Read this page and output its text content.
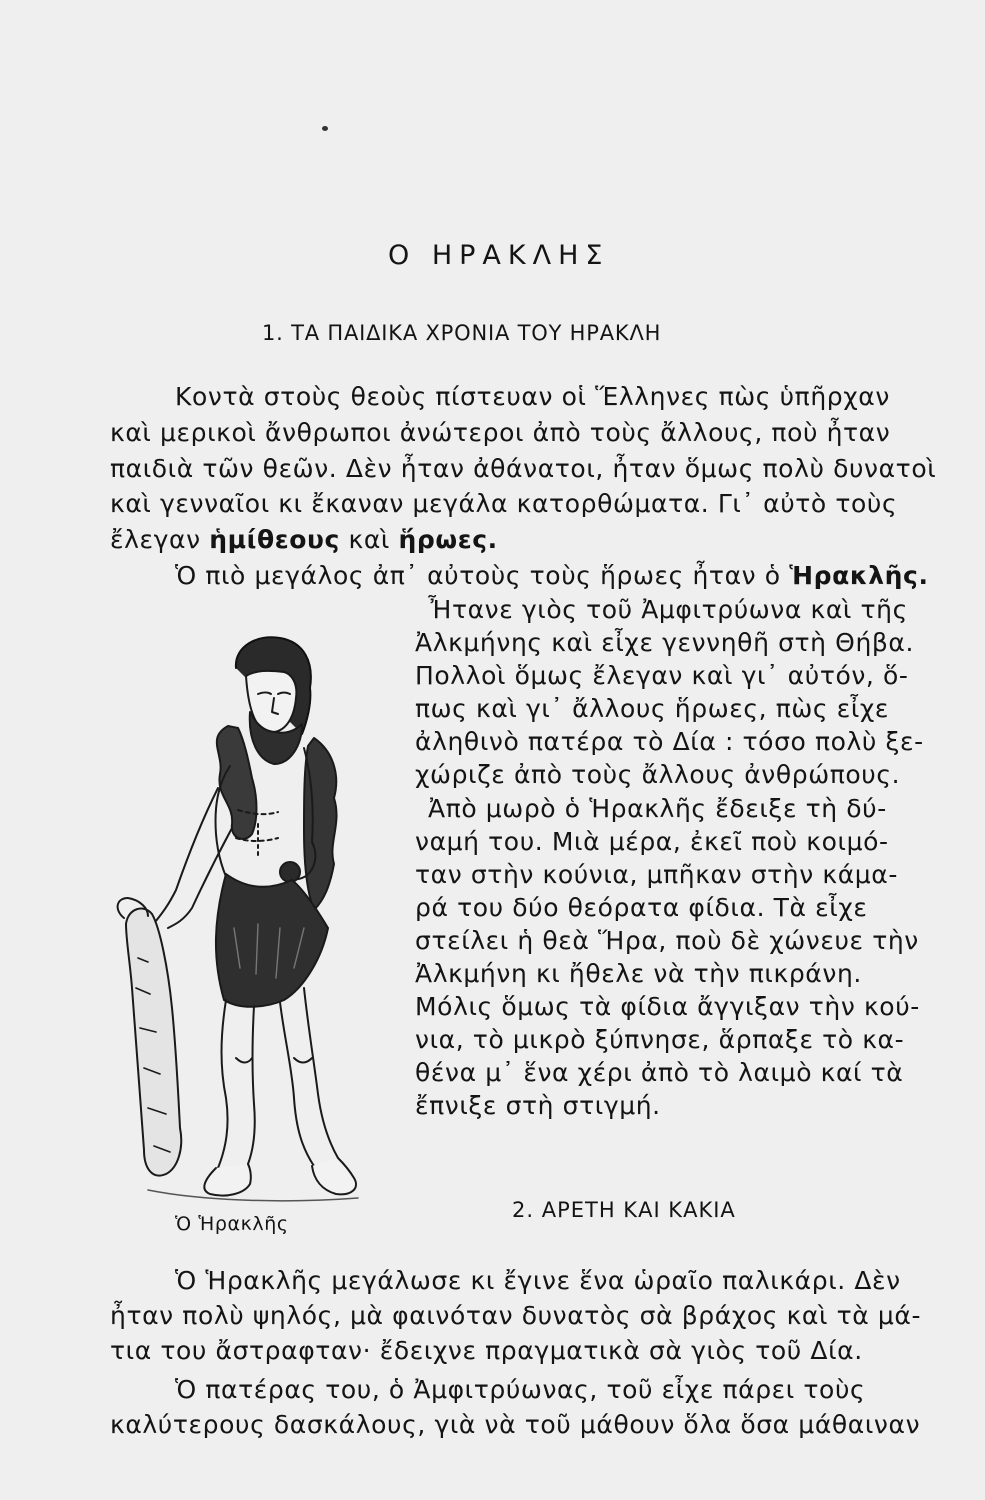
Ο ΗΡΑΚΛΗΣ
1. ΤΑ ΠΑΙΔΙΚΑ ΧΡΟΝΙΑ ΤΟΥ ΗΡΑΚΛΗ
Κοντὰ στοὺς θεοὺς πίστευαν οἱ Ἕλληνες πὼς ὑπῆρχαν
καὶ μερικοὶ ἄνθρωποι ἀνώτεροι ἀπὸ τοὺς ἄλλους, ποὺ ἦταν
παιδιὰ τῶν θεῶν. Δὲν ἦταν ἀθάνατοι, ἦταν ὅμως πολὺ δυνατοὶ
καὶ γενναῖοι κι ἔκαναν μεγάλα κατορθώματα. Γι᾽ αὐτὸ τοὺς
ἔλεγαν ἡμίθεους καὶ ἥρωες.
Ὁ πιὸ μεγάλος ἀπ᾽ αὐτοὺς τοὺς ἥρωες ἦταν ὁ Ἡρακλῆς.
Ἦτανε γιὸς τοῦ Ἀμφιτρύωνα καὶ τῆς
Ἀλκμήνης καὶ εἶχε γεννηθῆ στὴ Θήβα.
Πολλοὶ ὅμως ἔλεγαν καὶ γι᾽ αὐτόν, ὅ-
πως καὶ γι᾽ ἄλλους ἥρωες, πὼς εἶχε
ἀληθινὸ πατέρα τὸ Δία : τόσο πολὺ ξε-
χώριζε ἀπὸ τοὺς ἄλλους ἀνθρώπους.
Ἀπὸ μωρὸ ὁ Ἡρακλῆς ἔδειξε τὴ δύ-
ναμή του. Μιὰ μέρα, ἐκεῖ ποὺ κοιμό-
ταν στὴν κούνια, μπῆκαν στὴν κάμα-
ρά του δύο θεόρατα φίδια. Τὰ εἶχε
στείλει ἡ θεὰ Ἥρα, ποὺ δὲ χώνευε τὴν
Ἀλκμήνη κι ἤθελε νὰ τὴν πικράνη.
Μόλις ὅμως τὰ φίδια ἄγγιξαν τὴν κού-
νια, τὸ μικρὸ ξύπνησε, ἅρπαξε τὸ κα-
θένα μ᾽ ἕνα χέρι ἀπὸ τὸ λαιμὸ καί τὰ
ἔπνιξε στὴ στιγμή.
Ὁ Ἡρακλῆς
2. ΑΡΕΤΗ ΚΑΙ ΚΑΚΙΑ
Ὁ Ἡρακλῆς μεγάλωσε κι ἔγινε ἕνα ὡραῖο παλικάρι. Δὲν
ἦταν πολὺ ψηλός, μὰ φαινόταν δυνατὸς σὰ βράχος καὶ τὰ μά-
τια του ἄστραφταν· ἔδειχνε πραγματικὰ σὰ γιὸς τοῦ Δία.
Ὁ πατέρας του, ὁ Ἀμφιτρύωνας, τοῦ εἶχε πάρει τοὺς
καλύτερους δασκάλους, γιὰ νὰ τοῦ μάθουν ὅλα ὅσα μάθαιναν
